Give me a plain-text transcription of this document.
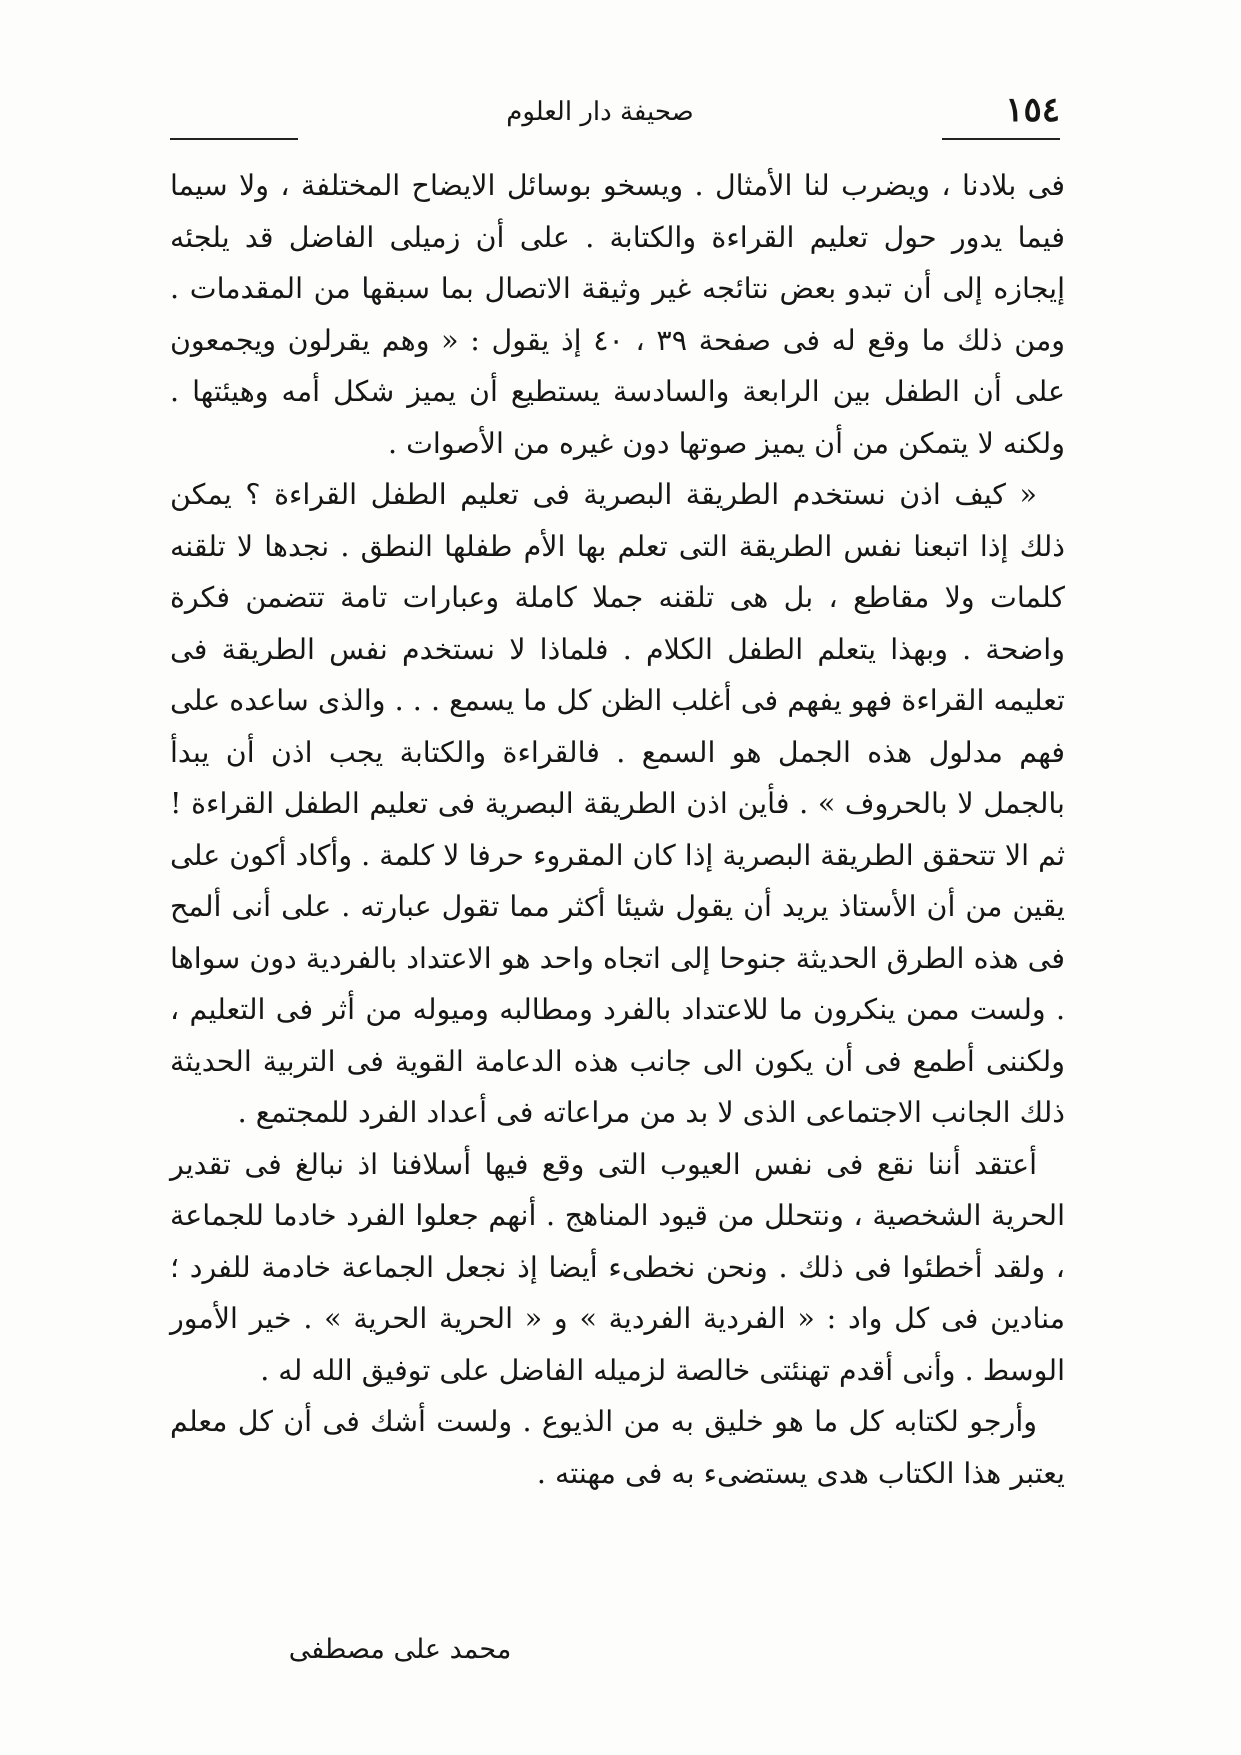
١٥٤
صحيفة دار العلوم

فى بلادنا ، ويضرب لنا الأمثال . ويسخو بوسائل الايضاح المختلفة ، ولا سيما فيما يدور حول تعليم القراءة والكتابة . على أن زميلى الفاضل قد يلجئه إيجازه إلى أن تبدو بعض نتائجه غير وثيقة الاتصال بما سبقها من المقدمات . ومن ذلك ما وقع له فى صفحة ٣٩ ، ٤٠ إذ يقول : « وهم يقرلون ويجمعون على أن الطفل بين الرابعة والسادسة يستطيع أن يميز شكل أمه وهيئتها . ولكنه لا يتمكن من أن يميز صوتها دون غيره من الأصوات .

« كيف اذن نستخدم الطريقة البصرية فى تعليم الطفل القراءة ؟ يمكن ذلك إذا اتبعنا نفس الطريقة التى تعلم بها الأم طفلها النطق . نجدها لا تلقنه كلمات ولا مقاطع ، بل هى تلقنه جملا كاملة وعبارات تامة تتضمن فكرة واضحة . وبهذا يتعلم الطفل الكلام . فلماذا لا نستخدم نفس الطريقة فى تعليمه القراءة فهو يفهم فى أغلب الظن كل ما يسمع . . . والذى ساعده على فهم مدلول هذه الجمل هو السمع . فالقراءة والكتابة يجب اذن أن يبدأ بالجمل لا بالحروف » . فأين اذن الطريقة البصرية فى تعليم الطفل القراءة ! ثم الا تتحقق الطريقة البصرية إذا كان المقروء حرفا لا كلمة . وأكاد أكون على يقين من أن الأستاذ يريد أن يقول شيئا أكثر مما تقول عبارته . على أنى ألمح فى هذه الطرق الحديثة جنوحا إلى اتجاه واحد هو الاعتداد بالفردية دون سواها . ولست ممن ينكرون ما للاعتداد بالفرد ومطالبه وميوله من أثر فى التعليم ، ولكننى أطمع فى أن يكون الى جانب هذه الدعامة القوية فى التربية الحديثة ذلك الجانب الاجتماعى الذى لا بد من مراعاته فى أعداد الفرد للمجتمع .

أعتقد أننا نقع فى نفس العيوب التى وقع فيها أسلافنا اذ نبالغ فى تقدير الحرية الشخصية ، ونتحلل من قيود المناهج . أنهم جعلوا الفرد خادما للجماعة ، ولقد أخطئوا فى ذلك . ونحن نخطىء أيضا إذ نجعل الجماعة خادمة للفرد ؛ منادين فى كل واد : « الفردية الفردية » و « الحرية الحرية » . خير الأمور الوسط . وأنى أقدم تهنئتى خالصة لزميله الفاضل على توفيق الله له .

وأرجو لكتابه كل ما هو خليق به من الذيوع . ولست أشك فى أن كل معلم يعتبر هذا الكتاب هدى يستضىء به فى مهنته .

محمد على مصطفى
